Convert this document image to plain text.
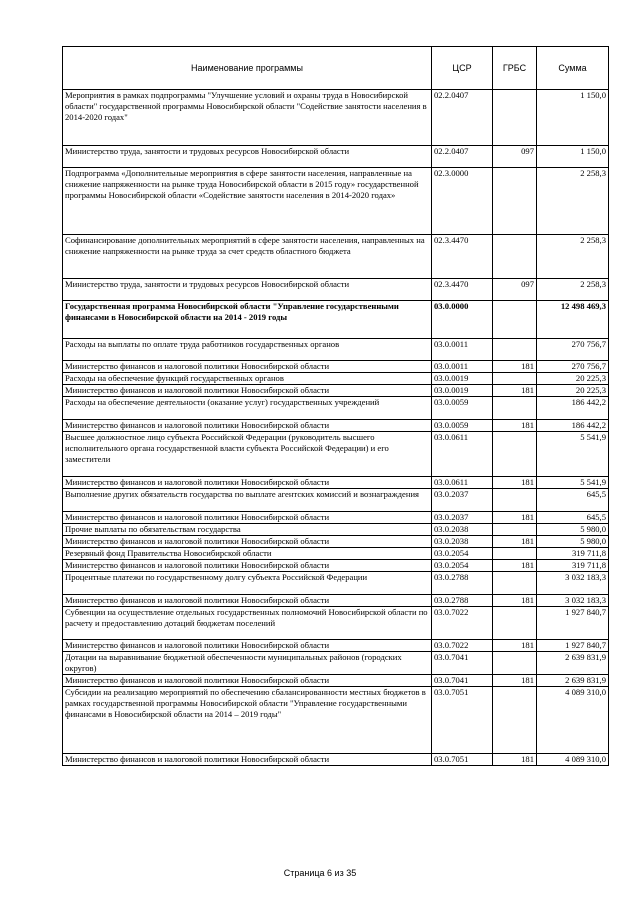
Наименование программы	ЦСР	ГРБС	Сумма
Мероприятия в рамках подпрограммы "Улучшение условий и охраны труда в Новосибирской области" государственной программы Новосибирской области "Содействие занятости населения в 2014-2020 годах"	02.2.0407		1 150,0
Министерство труда, занятости и трудовых ресурсов Новосибирской области	02.2.0407	097	1 150,0
Подпрограмма «Дополнительные мероприятия в сфере занятости населения, направленные на снижение напряженности на рынке труда Новосибирской области в 2015 году» государственной программы Новосибирской области «Содействие занятости населения в 2014-2020 годах»	02.3.0000		2 258,3
Софинансирование дополнительных мероприятий в сфере занятости населения, направленных на снижение напряженности на рынке труда за счет средств областного бюджета	02.3.4470		2 258,3
Министерство труда, занятости и трудовых ресурсов Новосибирской области	02.3.4470	097	2 258,3
Государственная программа Новосибирской области "Управление государственными финансами в Новосибирской области на 2014 - 2019 годы	03.0.0000		12 498 469,3
Расходы на выплаты по оплате труда работников государственных органов	03.0.0011		270 756,7
Министерство финансов и налоговой политики Новосибирской области	03.0.0011	181	270 756,7
Расходы на обеспечение функций государственных органов	03.0.0019		20 225,3
Министерство финансов и налоговой политики Новосибирской области	03.0.0019	181	20 225,3
Расходы на обеспечение деятельности (оказание услуг) государственных учреждений	03.0.0059		186 442,2
Министерство финансов и налоговой политики Новосибирской области	03.0.0059	181	186 442,2
Высшее должностное лицо субъекта Российской Федерации (руководитель высшего исполнительного органа государственной власти субъекта Российской Федерации) и его заместители	03.0.0611		5 541,9
Министерство финансов и налоговой политики Новосибирской области	03.0.0611	181	5 541,9
Выполнение других обязательств государства по выплате агентских комиссий и вознаграждения	03.0.2037		645,5
Министерство финансов и налоговой политики Новосибирской области	03.0.2037	181	645,5
Прочие выплаты по обязательствам государства	03.0.2038		5 980,0
Министерство финансов и налоговой политики Новосибирской области	03.0.2038	181	5 980,0
Резервный фонд Правительства Новосибирской области	03.0.2054		319 711,8
Министерство финансов и налоговой политики Новосибирской области	03.0.2054	181	319 711,8
Процентные платежи по государственному долгу субъекта Российской Федерации	03.0.2788		3 032 183,3
Министерство финансов и налоговой политики Новосибирской области	03.0.2788	181	3 032 183,3
Субвенции на осуществление отдельных государственных полномочий Новосибирской области по расчету и предоставлению дотаций бюджетам поселений	03.0.7022		1 927 840,7
Министерство финансов и налоговой политики Новосибирской области	03.0.7022	181	1 927 840,7
Дотации на выравнивание бюджетной обеспеченности муниципальных районов (городских округов)	03.0.7041		2 639 831,9
Министерство финансов и налоговой политики Новосибирской области	03.0.7041	181	2 639 831,9
Субсидии на реализацию мероприятий по обеспечению сбалансированности местных бюджетов в рамках государственной программы Новосибирской области "Управление государственными финансами в Новосибирской области на 2014 – 2019 годы"	03.0.7051		4 089 310,0
Министерство финансов и налоговой политики Новосибирской области	03.0.7051	181	4 089 310,0
Страница 6 из 35
